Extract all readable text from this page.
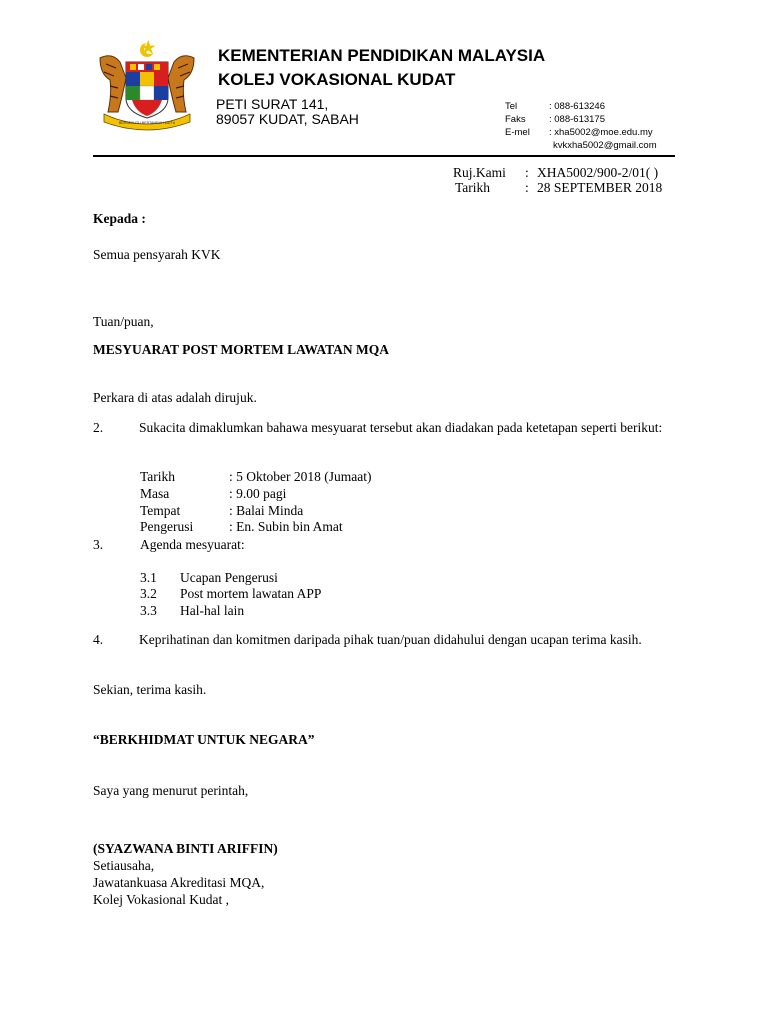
BERSEKUTU BERTAMBAH MUTU
KEMENTERIAN PENDIDIKAN MALAYSIA
KOLEJ VOKASIONAL KUDAT
PETI SURAT 141,
89057 KUDAT, SABAH
Tel	: 088-613246
Faks : 088-613175
E-mel : xha5002@moe.edu.my
kvkxha5002@gmail.com
Ruj.Kami : XHA5002/900-2/01( )
Tarikh	: 28 SEPTEMBER 2018
Kepada :
Semua pensyarah KVK
Tuan/puan,
MESYUARAT POST MORTEM LAWATAN MQA
Perkara di atas adalah dirujuk.
2.	Sukacita dimaklumkan bahawa mesyuarat tersebut akan diadakan pada ketetapan seperti berikut:
Tarikh	: 5 Oktober 2018 (Jumaat)
Masa	: 9.00 pagi
Tempat	: Balai Minda
Pengerusi	: En. Subin bin Amat
3.	Agenda mesyuarat:
3.1 Ucapan Pengerusi
3.2 Post mortem lawatan APP
3.3 Hal-hal lain
4.	Keprihatinan dan komitmen daripada pihak tuan/puan didahului dengan ucapan terima kasih.
Sekian, terima kasih.
“BERKHIDMAT UNTUK NEGARA”
Saya yang menurut perintah,
(SYAZWANA BINTI ARIFFIN)
Setiausaha,
Jawatankuasa Akreditasi MQA,
Kolej Vokasional Kudat ,
